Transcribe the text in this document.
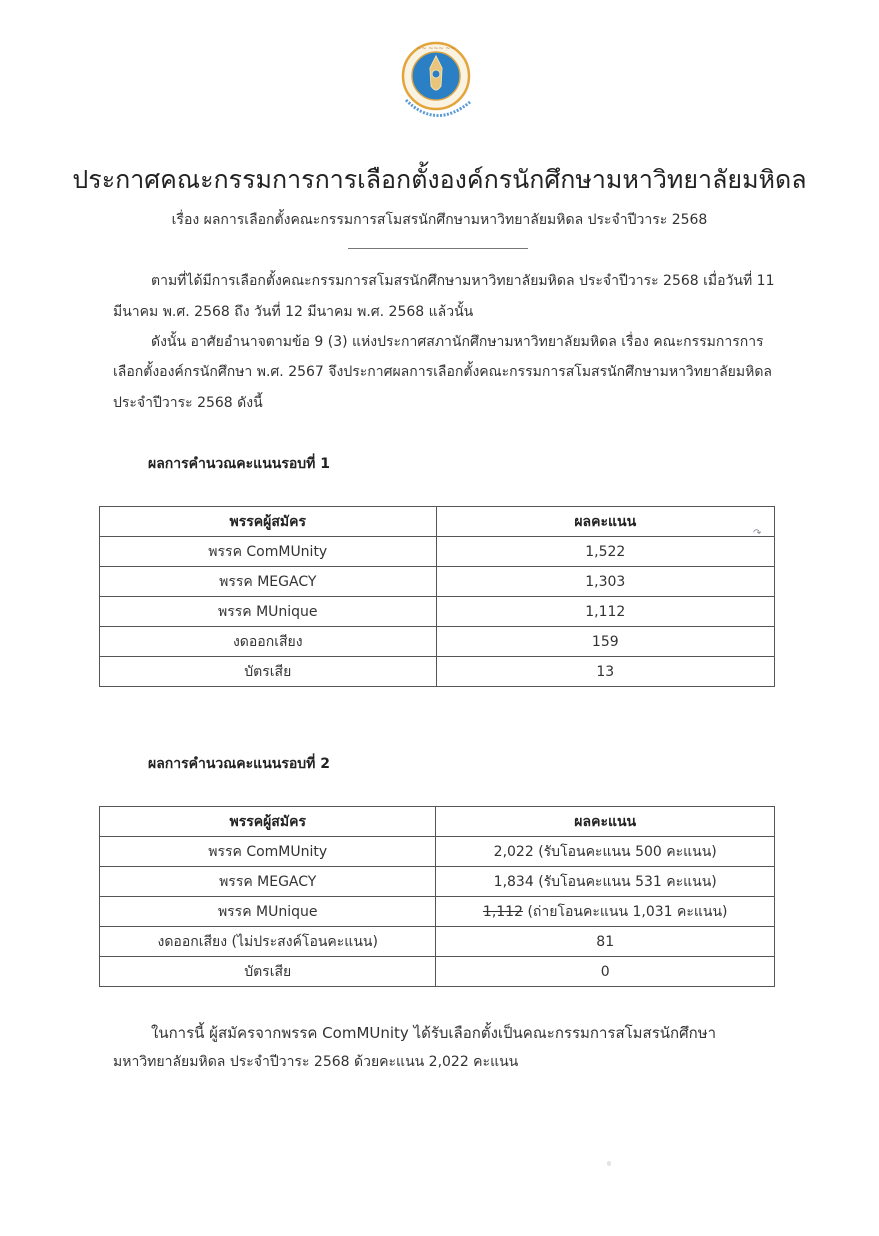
~~ ~~~ ~~
ประกาศคณะกรรมการการเลือกตั้งองค์กรนักศึกษามหาวิทยาลัยมหิดล
เรื่อง ผลการเลือกตั้งคณะกรรมการสโมสรนักศึกษามหาวิทยาลัยมหิดล ประจำปีวาระ 2568
ตามที่ได้มีการเลือกตั้งคณะกรรมการสโมสรนักศึกษามหาวิทยาลัยมหิดล ประจำปีวาระ 2568 เมื่อวันที่ 11
มีนาคม พ.ศ. 2568 ถึง วันที่ 12 มีนาคม พ.ศ. 2568 แล้วนั้น
ดังนั้น อาศัยอำนาจตามข้อ 9 (3) แห่งประกาศสภานักศึกษามหาวิทยาลัยมหิดล เรื่อง คณะกรรมการการ
เลือกตั้งองค์กรนักศึกษา พ.ศ. 2567 จึงประกาศผลการเลือกตั้งคณะกรรมการสโมสรนักศึกษามหาวิทยาลัยมหิดล
ประจำปีวาระ 2568 ดังนี้
ผลการคำนวณคะแนนรอบที่ 1
พรรคผู้สมัคร	ผลคะแนน
พรรค ComMUnity	1,522
พรรค MEGACY	1,303
พรรค MUnique	1,112
งดออกเสียง	159
บัตรเสีย	13
↷
ผลการคำนวณคะแนนรอบที่ 2
พรรคผู้สมัคร	ผลคะแนน
พรรค ComMUnity	2,022 (รับโอนคะแนน 500 คะแนน)
พรรค MEGACY	1,834 (รับโอนคะแนน 531 คะแนน)
พรรค MUnique	1,112 (ถ่ายโอนคะแนน 1,031 คะแนน)
งดออกเสียง (ไม่ประสงค์โอนคะแนน)	81
บัตรเสีย	0
ในการนี้ ผู้สมัครจากพรรค ComMUnity ได้รับเลือกตั้งเป็นคณะกรรมการสโมสรนักศึกษา
มหาวิทยาลัยมหิดล ประจำปีวาระ 2568 ด้วยคะแนน 2,022 คะแนน
